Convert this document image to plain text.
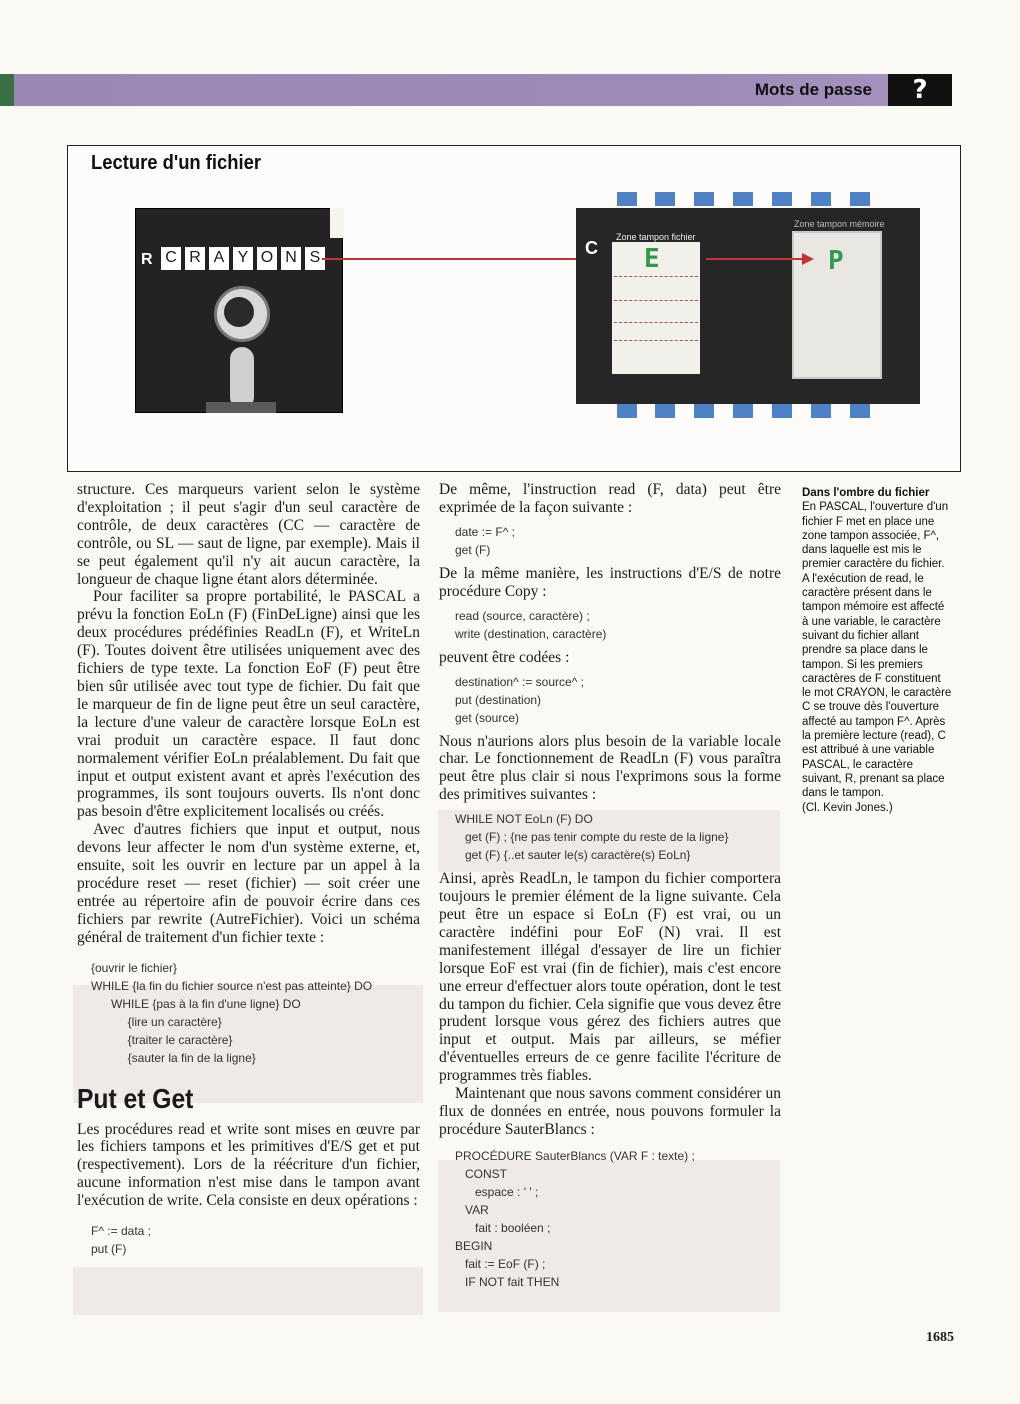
Mots de passe	?
Lecture d'un fichier
R C R A Y O N S
Zone tampon fichier
Zone tampon mémoire
C E	P

structure. Ces marqueurs varient selon le système d'exploitation ; il peut s'agir d'un seul caractère de contrôle, de deux caractères (CC — caractère de contrôle, ou SL — saut de ligne, par exemple). Mais il se peut également qu'il n'y ait aucun caractère, la longueur de chaque ligne étant alors déterminée.

Pour faciliter sa propre portabilité, le PASCAL a prévu la fonction EoLn (F) (FinDeLigne) ainsi que les deux procédures prédéfinies ReadLn (F), et WriteLn (F). Toutes doivent être utilisées uniquement avec des fichiers de type texte. La fonction EoF (F) peut être bien sûr utilisée avec tout type de fichier. Du fait que le marqueur de fin de ligne peut être un seul caractère, la lecture d'une valeur de caractère lorsque EoLn est vrai produit un caractère espace. Il faut donc normalement vérifier EoLn préalablement. Du fait que input et output existent avant et après l'exécution des programmes, ils sont toujours ouverts. Ils n'ont donc pas besoin d'être explicitement localisés ou créés.

Avec d'autres fichiers que input et output, nous devons leur affecter le nom d'un système externe, et, ensuite, soit les ouvrir en lecture par un appel à la procédure reset — reset (fichier) — soit créer une entrée au répertoire afin de pouvoir écrire dans ces fichiers par rewrite (AutreFichier). Voici un schéma général de traitement d'un fichier texte :

{ouvrir le fichier}
WHILE {la fin du fichier source n'est pas atteinte} DO
WHILE {pas à la fin d'une ligne} DO
{lire un caractère}
{traiter le caractère}
{sauter la fin de la ligne}
Put et Get

Les procédures read et write sont mises en œuvre par les fichiers tampons et les primitives d'E/S get et put (respectivement). Lors de la réécriture d'un fichier, aucune information n'est mise dans le tampon avant l'exécution de write. Cela consiste en deux opérations :

F^ := data ;
put (F)

De même, l'instruction read (F, data) peut être exprimée de la façon suivante :

date := F^ ;
get (F)

De la même manière, les instructions d'E/S de notre procédure Copy :

read (source, caractère) ;
write (destination, caractère)

peuvent être codées :

destination^ := source^ ;
put (destination)
get (source)

Nous n'aurions alors plus besoin de la variable locale char. Le fonctionnement de ReadLn (F) vous paraîtra peut être plus clair si nous l'exprimons sous la forme des primitives suivantes :

WHILE NOT EoLn (F) DO
get (F) ; {ne pas tenir compte du reste de la ligne}
get (F) {..et sauter le(s) caractère(s) EoLn}

Ainsi, après ReadLn, le tampon du fichier comportera toujours le premier élément de la ligne suivante. Cela peut être un espace si EoLn (F) est vrai, ou un caractère indéfini pour EoF (N) vrai. Il est manifestement illégal d'essayer de lire un fichier lorsque EoF est vrai (fin de fichier), mais c'est encore une erreur d'effectuer alors toute opération, dont le test du tampon du fichier. Cela signifie que vous devez être prudent lorsque vous gérez des fichiers autres que input et output. Mais par ailleurs, se méfier d'éventuelles erreurs de ce genre facilite l'écriture de programmes très fiables.

Maintenant que nous savons comment considérer un flux de données en entrée, nous pouvons formuler la procédure SauterBlancs :

PROCÉDURE SauterBlancs (VAR F : texte) ;
CONST
espace : ' ' ;
VAR
fait : booléen ;
BEGIN
fait := EoF (F) ;
IF NOT fait THEN
Dans l'ombre du fichier
En PASCAL, l'ouverture d'un fichier F met en place une zone tampon associée, F^, dans laquelle est mis le premier caractère du fichier. A l'exécution de read, le caractère présent dans le tampon mémoire est affecté à une variable, le caractère suivant du fichier allant prendre sa place dans le tampon. Si les premiers caractères de F constituent le mot CRAYON, le caractère C se trouve dès l'ouverture affecté au tampon F^. Après la première lecture (read), C est attribué à une variable PASCAL, le caractère suivant, R, prenant sa place dans le tampon.
(Cl. Kevin Jones.)
1685
